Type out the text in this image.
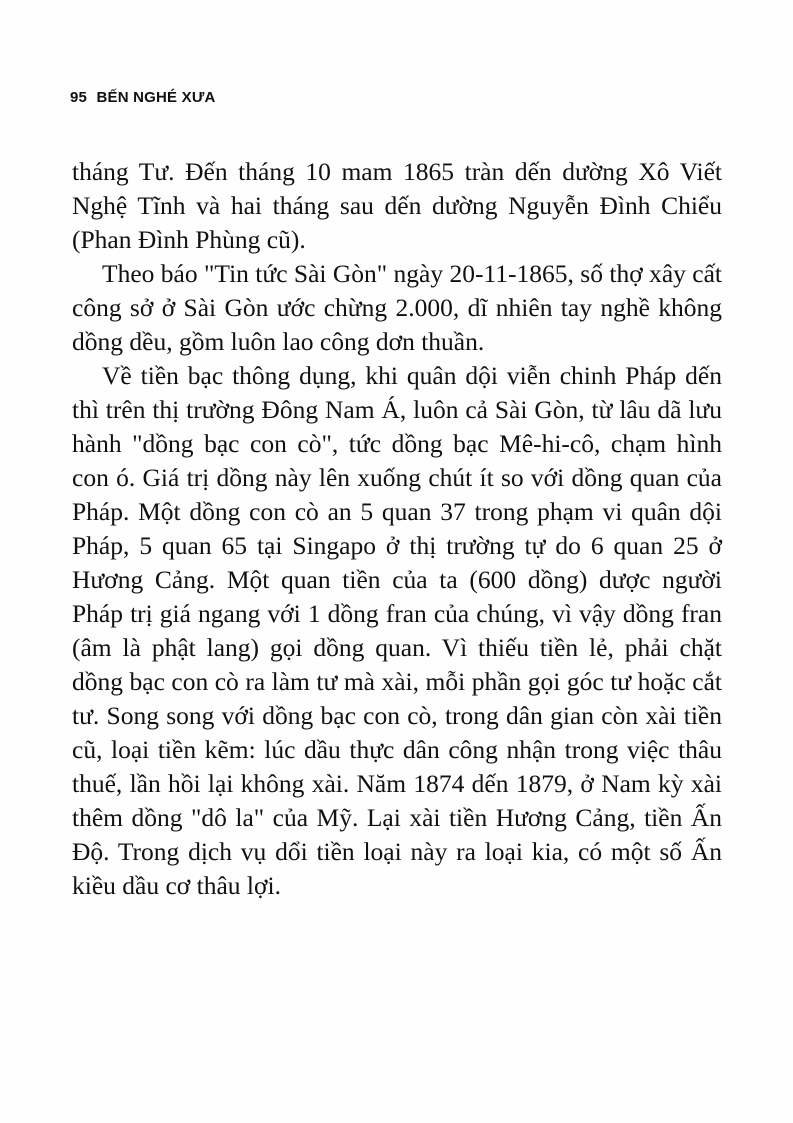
95 BẾN NGHÉ XƯA

tháng Tư. Đến tháng 10 mam 1865 tràn dến dường Xô Viết Nghệ Tĩnh và hai tháng sau dến dường Nguyễn Đình Chiểu (Phan Đình Phùng cũ).

Theo báo "Tin tức Sài Gòn" ngày 20-11-1865, số thợ xây cất công sở ở Sài Gòn ước chừng 2.000, dĩ nhiên tay nghề không dồng dều, gồm luôn lao công dơn thuần.

Về tiền bạc thông dụng, khi quân dội viễn chinh Pháp dến thì trên thị trường Đông Nam Á, luôn cả Sài Gòn, từ lâu dã lưu hành "dồng bạc con cò", tức dồng bạc Mê-hi-cô, chạm hình con ó. Giá trị dồng này lên xuống chút ít so với dồng quan của Pháp. Một dồng con cò an 5 quan 37 trong phạm vi quân dội Pháp, 5 quan 65 tại Singapo ở thị trường tự do 6 quan 25 ở Hương Cảng. Một quan tiền của ta (600 dồng) dược người Pháp trị giá ngang với 1 dồng fran của chúng, vì vậy dồng fran (âm là phật lang) gọi dồng quan. Vì thiếu tiền lẻ, phải chặt dồng bạc con cò ra làm tư mà xài, mỗi phần gọi góc tư hoặc cắt tư. Song song với dồng bạc con cò, trong dân gian còn xài tiền cũ, loại tiền kẽm: lúc dầu thực dân công nhận trong việc thâu thuế, lần hồi lại không xài. Năm 1874 dến 1879, ở Nam kỳ xài thêm dồng "dô la" của Mỹ. Lại xài tiền Hương Cảng, tiền Ấn Độ. Trong dịch vụ dổi tiền loại này ra loại kia, có một số Ấn kiều dầu cơ thâu lợi.
